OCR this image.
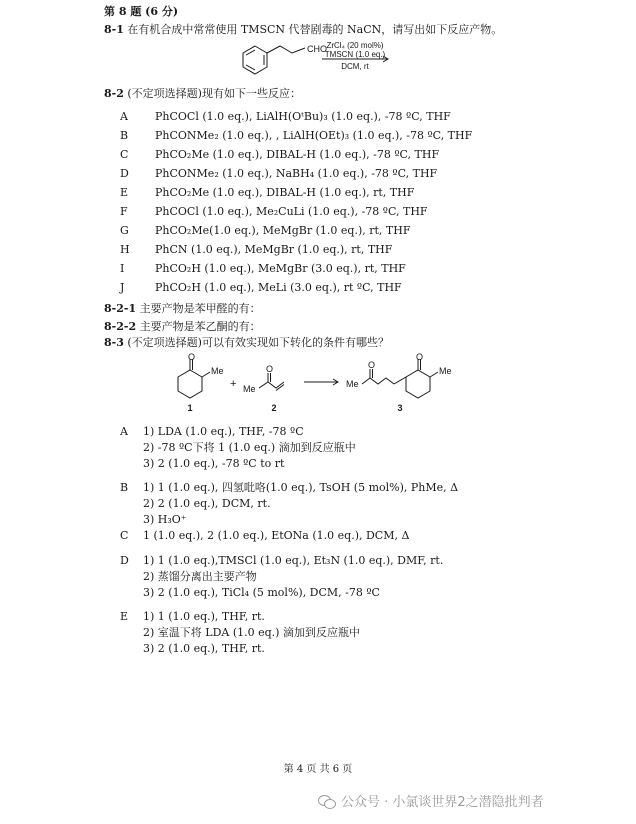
第 8 题 (6 分)
8-1 在有机合成中常常使用 TMSCN 代替剧毒的 NaCN，请写出如下反应产物。
CHO ZrCl₄ (20 mol%)
TMSCN (1.0 eq.)
DCM, rt
8-2 (不定项选择题)现有如下一些反应：
A PhCOCl (1.0 eq.), LiAlH(OᵗBu)₃ (1.0 eq.), -78 ºC, THF
B PhCONMe₂ (1.0 eq.), , LiAlH(OEt)₃ (1.0 eq.), -78 ºC, THF
C PhCO₂Me (1.0 eq.), DIBAL-H (1.0 eq.), -78 ºC, THF
D PhCONMe₂ (1.0 eq.), NaBH₄ (1.0 eq.), -78 ºC, THF
E PhCO₂Me (1.0 eq.), DIBAL-H (1.0 eq.), rt, THF
F PhCOCl (1.0 eq.), Me₂CuLi (1.0 eq.), -78 ºC, THF
G PhCO₂Me(1.0 eq.), MeMgBr (1.0 eq.), rt, THF
H PhCN (1.0 eq.), MeMgBr (1.0 eq.), rt, THF
I	PhCO₂H (1.0 eq.), MeMgBr (3.0 eq.), rt, THF
J	PhCO₂H (1.0 eq.), MeLi (3.0 eq.), rt ºC, THF
8-2-1 主要产物是苯甲醛的有：
8-2-2 主要产物是苯乙酮的有：
8-3 (不定项选择题)可以有效实现如下转化的条件有哪些？
O
Me
1
+
O
Me
2
Me
O
O
Me
3
A 1) LDA (1.0 eq.), THF, -78 ºC
2) -78 ºC下将 1 (1.0 eq.) 滴加到反应瓶中
3) 2 (1.0 eq.), -78 ºC to rt
B 1) 1 (1.0 eq.), 四氢吡咯(1.0 eq.), TsOH (5 mol%), PhMe, Δ
2) 2 (1.0 eq.), DCM, rt.
3) H₃O⁺
C 1 (1.0 eq.), 2 (1.0 eq.), EtONa (1.0 eq.), DCM, Δ
D 1) 1 (1.0 eq.),TMSCl (1.0 eq.), Et₃N (1.0 eq.), DMF, rt.
2) 蒸馏分离出主要产物
3) 2 (1.0 eq.), TiCl₄ (5 mol%), DCM, -78 ºC
E 1) 1 (1.0 eq.), THF, rt.
2) 室温下将 LDA (1.0 eq.) 滴加到反应瓶中
3) 2 (1.0 eq.), THF, rt.
第 4 页 共 6 页
公众号 · 小氯谈世界2之潜隐批判者
